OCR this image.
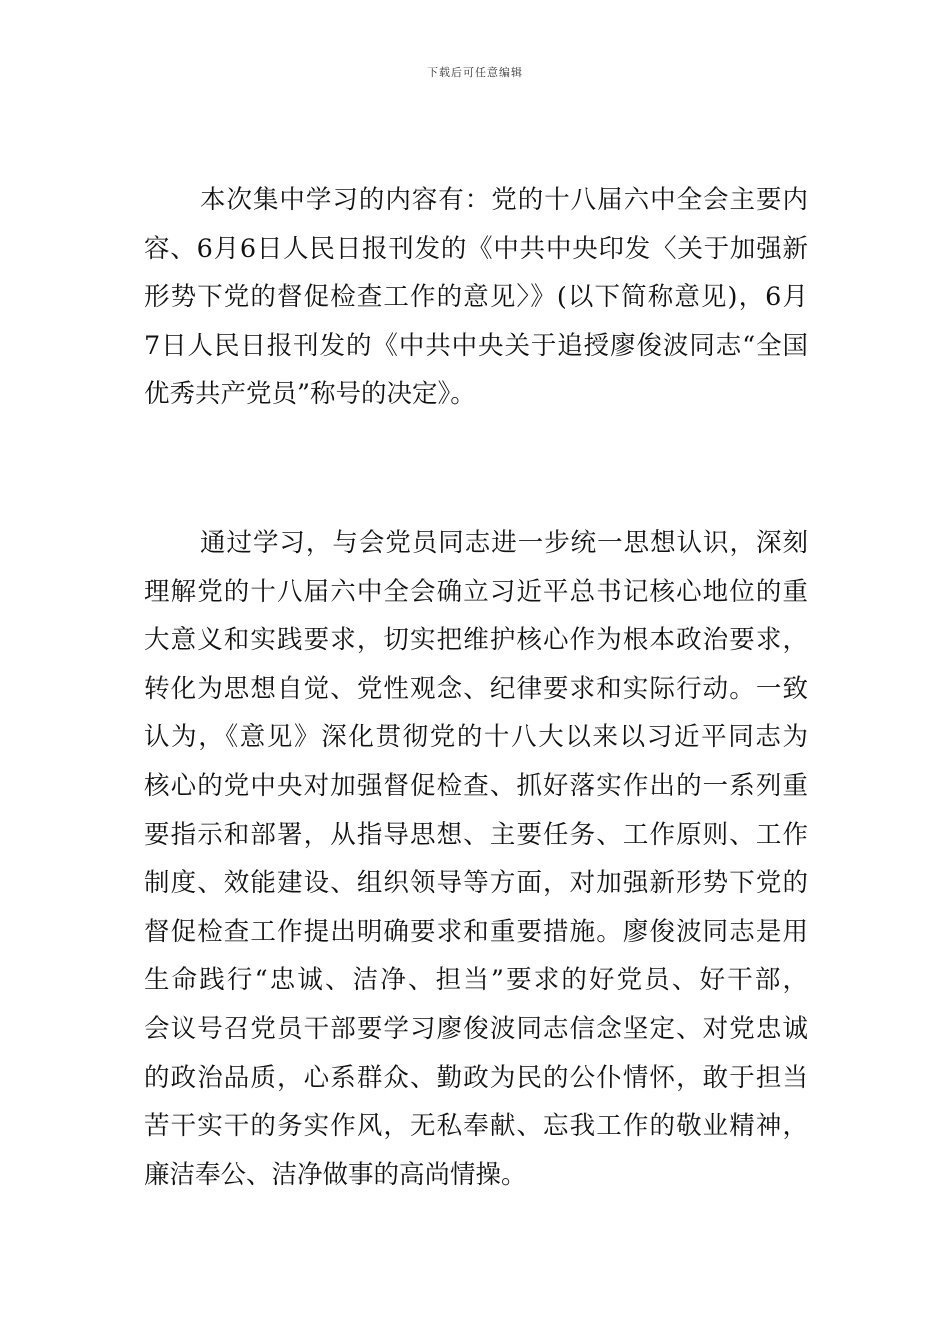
下载后可任意编辑
本次集中学习的内容有：党的十八届六中全会主要内
容、6月6日人民日报刊发的《中共中央印发〈关于加强新
形势下党的督促检查工作的意见〉》(以下简称意见)，6月
7日人民日报刊发的《中共中央关于追授廖俊波同志“全国
优秀共产党员”称号的决定》。
通过学习，与会党员同志进一步统一思想认识，深刻
理解党的十八届六中全会确立习近平总书记核心地位的重
大意义和实践要求，切实把维护核心作为根本政治要求，
转化为思想自觉、党性观念、纪律要求和实际行动。一致
认为，《意见》深化贯彻党的十八大以来以习近平同志为
核心的党中央对加强督促检查、抓好落实作出的一系列重
要指示和部署，从指导思想、主要任务、工作原则、工作
制度、效能建设、组织领导等方面，对加强新形势下党的
督促检查工作提出明确要求和重要措施。廖俊波同志是用
生命践行“忠诚、洁净、担当”要求的好党员、好干部，
会议号召党员干部要学习廖俊波同志信念坚定、对党忠诚
的政治品质，心系群众、勤政为民的公仆情怀，敢于担当
苦干实干的务实作风，无私奉献、忘我工作的敬业精神，
廉洁奉公、洁净做事的高尚情操。
